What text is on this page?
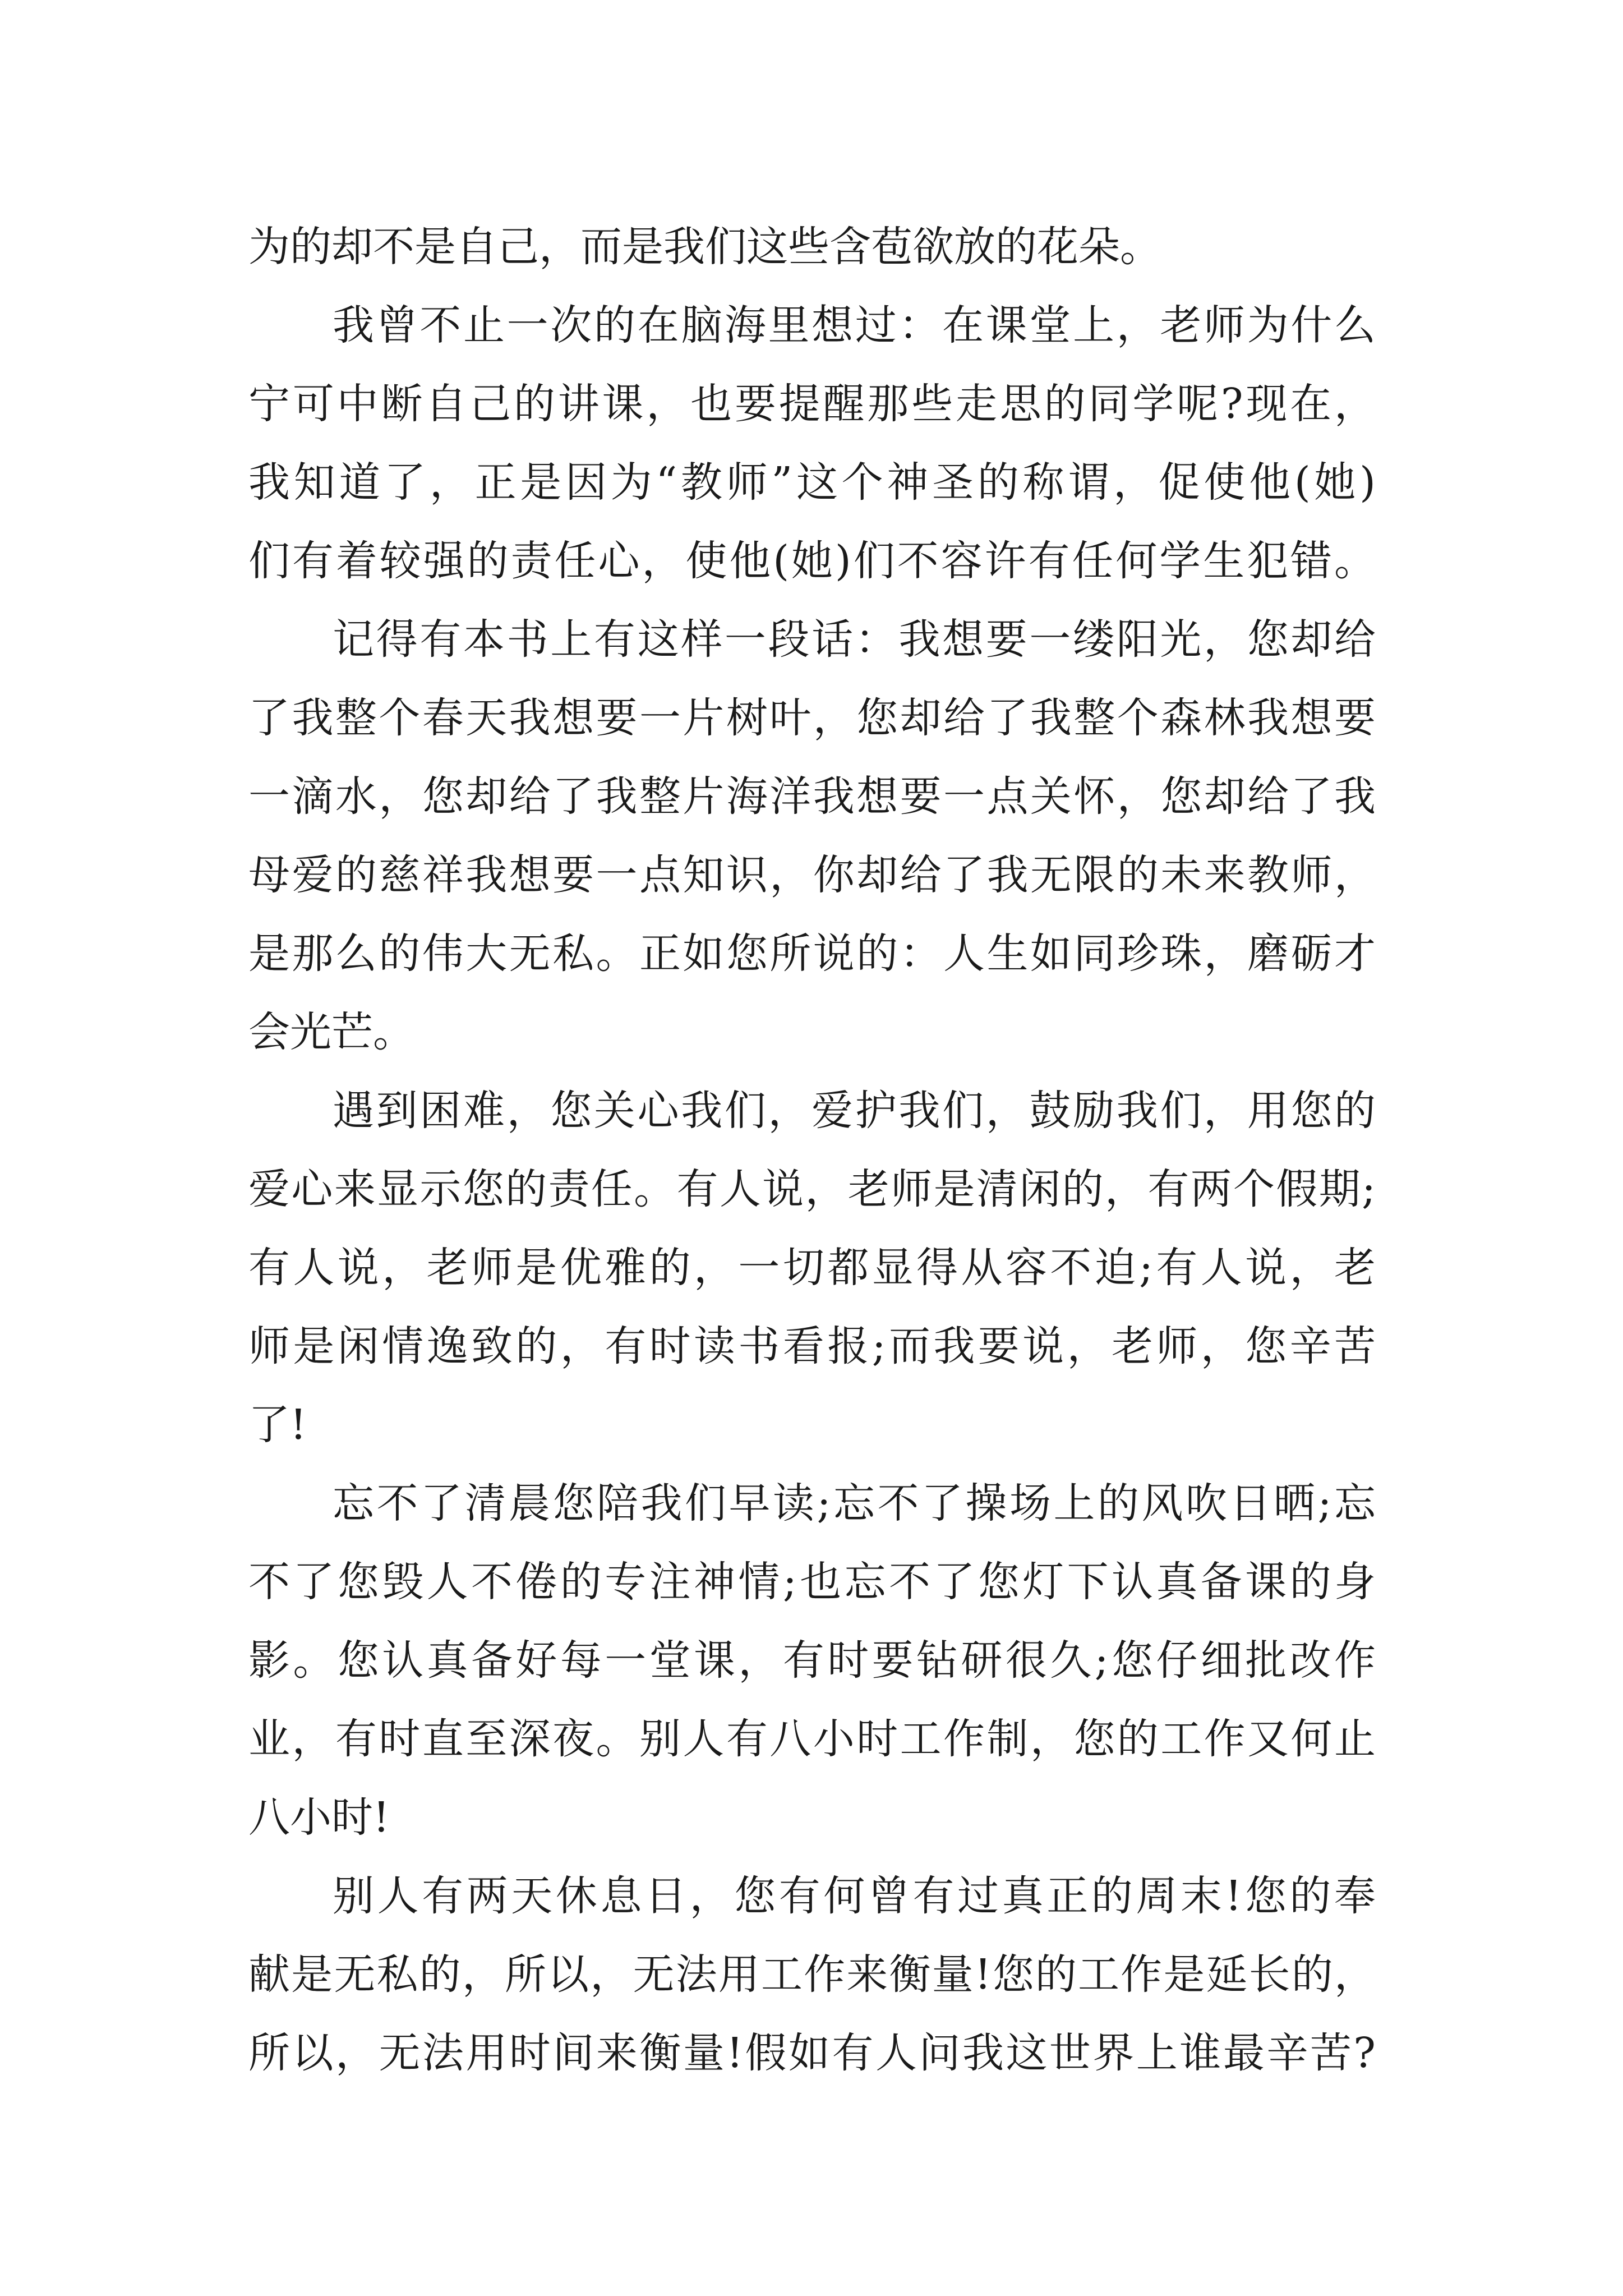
为的却不是自己，而是我们这些含苞欲放的花朵。
我曾不止一次的在脑海里想过：在课堂上，老师为什么
宁可中断自己的讲课，也要提醒那些走思的同学呢?现在，
我知道了，正是因为“教师”这个神圣的称谓，促使他(她)
们有着较强的责任心，使他(她)们不容许有任何学生犯错。
记得有本书上有这样一段话：我想要一缕阳光，您却给
了我整个春天我想要一片树叶，您却给了我整个森林我想要
一滴水，您却给了我整片海洋我想要一点关怀，您却给了我
母爱的慈祥我想要一点知识，你却给了我无限的未来教师，
是那么的伟大无私。正如您所说的：人生如同珍珠，磨砺才
会光芒。
遇到困难，您关心我们，爱护我们，鼓励我们，用您的
爱心来显示您的责任。有人说，老师是清闲的，有两个假期;
有人说，老师是优雅的，一切都显得从容不迫;有人说，老
师是闲情逸致的，有时读书看报;而我要说，老师，您辛苦
了!
忘不了清晨您陪我们早读;忘不了操场上的风吹日晒;忘
不了您毁人不倦的专注神情;也忘不了您灯下认真备课的身
影。您认真备好每一堂课，有时要钻研很久;您仔细批改作
业，有时直至深夜。别人有八小时工作制，您的工作又何止
八小时!
别人有两天休息日，您有何曾有过真正的周末!您的奉
献是无私的，所以，无法用工作来衡量!您的工作是延长的，
所以，无法用时间来衡量!假如有人问我这世界上谁最辛苦?
